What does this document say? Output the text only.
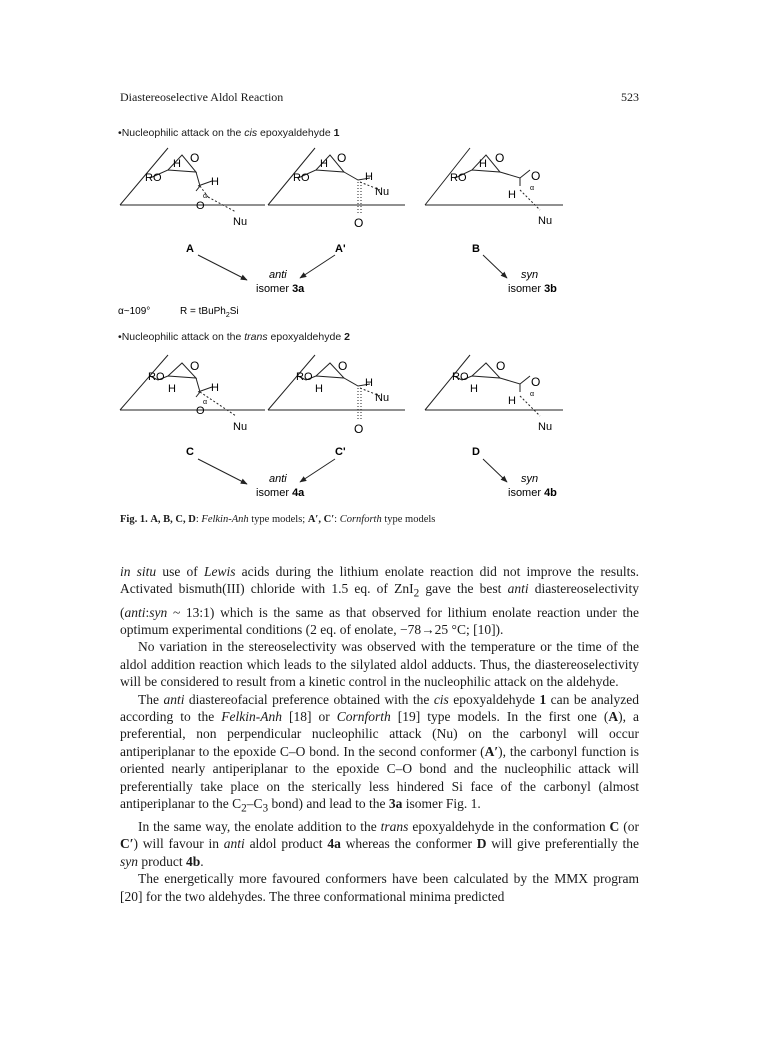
Diastereoselective Aldol Reaction	523
•Nucleophilic attack on the cis epoxyaldehyde 1
•Nucleophilic attack on the trans epoxyaldehyde 2
RO
H O
H
O
α
Nu
RO
H O
H
Nu
O
RO
H O
O
α
H
Nu
A	A'	B
anti
isomer 3a
syn
isomer 3b
α~109°	R = tBuPh$_2$Si
RO
H
O
H
O
α
Nu
RO
H
O
H
Nu
O
RO
H
O
O
α
H
Nu
C	C'	D
anti
isomer 4a
syn
isomer 4b
Fig. 1. A, B, C, D: Felkin-Anh type models; A′, C′: Cornforth type models

in situ use of Lewis acids during the lithium enolate reaction did not improve the results. Activated bismuth(III) chloride with 1.5 eq. of ZnI$_2$ gave the best anti diastereoselectivity (anti:syn ~ 13:1) which is the same as that observed for lithium enolate reaction under the optimum experimental conditions (2 eq. of enolate, −78→25 °C; [10]).

No variation in the stereoselectivity was observed with the temperature or the time of the aldol addition reaction which leads to the silylated aldol adducts. Thus, the diastereoselectivity will be considered to result from a kinetic control in the nucleophilic attack on the aldehyde.

The anti diastereofacial preference obtained with the cis epoxyaldehyde 1 can be analyzed according to the Felkin-Anh [18] or Cornforth [19] type models. In the first one (A), a preferential, non perpendicular nucleophilic attack (Nu) on the carbonyl will occur antiperiplanar to the epoxide C–O bond. In the second conformer (A′), the carbonyl function is oriented nearly antiperiplanar to the epoxide C–O bond and the nucleophilic attack will preferentially take place on the sterically less hindered Si face of the carbonyl (almost antiperiplanar to the $C_2-C_3$ bond) and lead to the 3a isomer Fig. 1.

In the same way, the enolate addition to the trans epoxyaldehyde in the conformation C (or C′) will favour in anti aldol product 4a whereas the conformer D will give preferentially the syn product 4b.

The energetically more favoured conformers have been calculated by the MMX program [20] for the two aldehydes. The three conformational minima predicted
